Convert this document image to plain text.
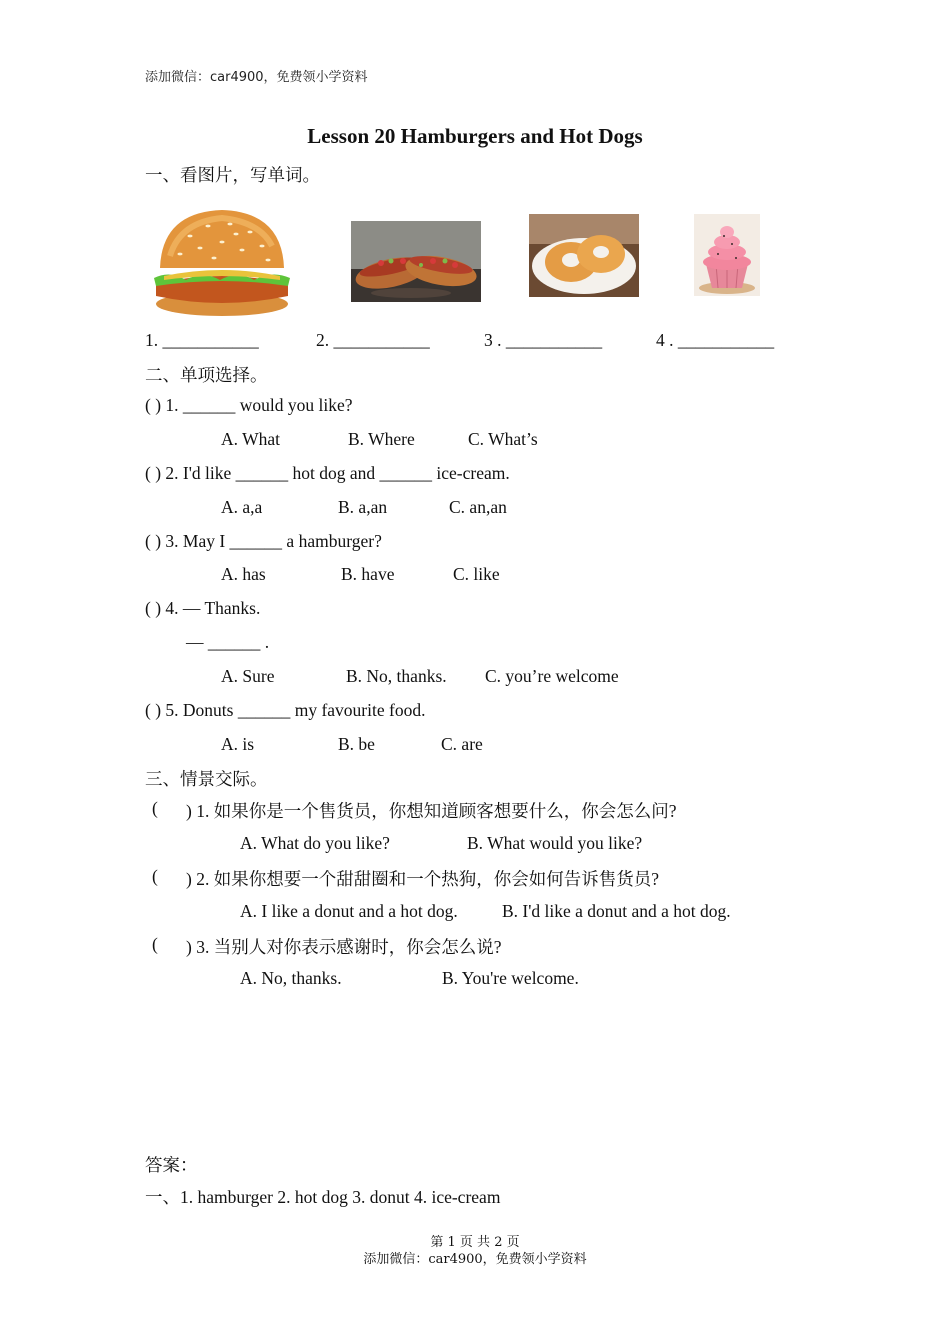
添加微信：car4900，免费领小学资料
Lesson 20 Hamburgers and Hot Dogs
一、看图片，写单词。
1. ___________	2. ___________	3 . ___________	4 . ___________
二、单项选择。
( ) 1. ______ would you like?
A. What	B. Where	C. What’s
( ) 2. I'd like ______ hot dog and ______ ice-cream.
A. a,a	B. a,an	C. an,an
( ) 3. May I ______ a hamburger?
A. has	B. have	C. like
( ) 4. — Thanks.
— ______ .
A. Sure	B. No, thanks. C. you’re welcome
( ) 5. Donuts ______ my favourite food.
A. is	B. be	C. are
三、情景交际。
( ) 1. 如果你是一个售货员，你想知道顾客想要什么，你会怎么问?
A. What do you like?	B. What would you like?
( ) 2. 如果你想要一个甜甜圈和一个热狗，你会如何告诉售货员?
A. I like a donut and a hot dog.	B. I'd like a donut and a hot dog.
( ) 3. 当别人对你表示感谢时，你会怎么说?
A. No, thanks.	B. You're welcome.
答案：
一、1. hamburger 2. hot dog 3. donut 4. ice-cream
第 1 页 共 2 页
添加微信：car4900，免费领小学资料
